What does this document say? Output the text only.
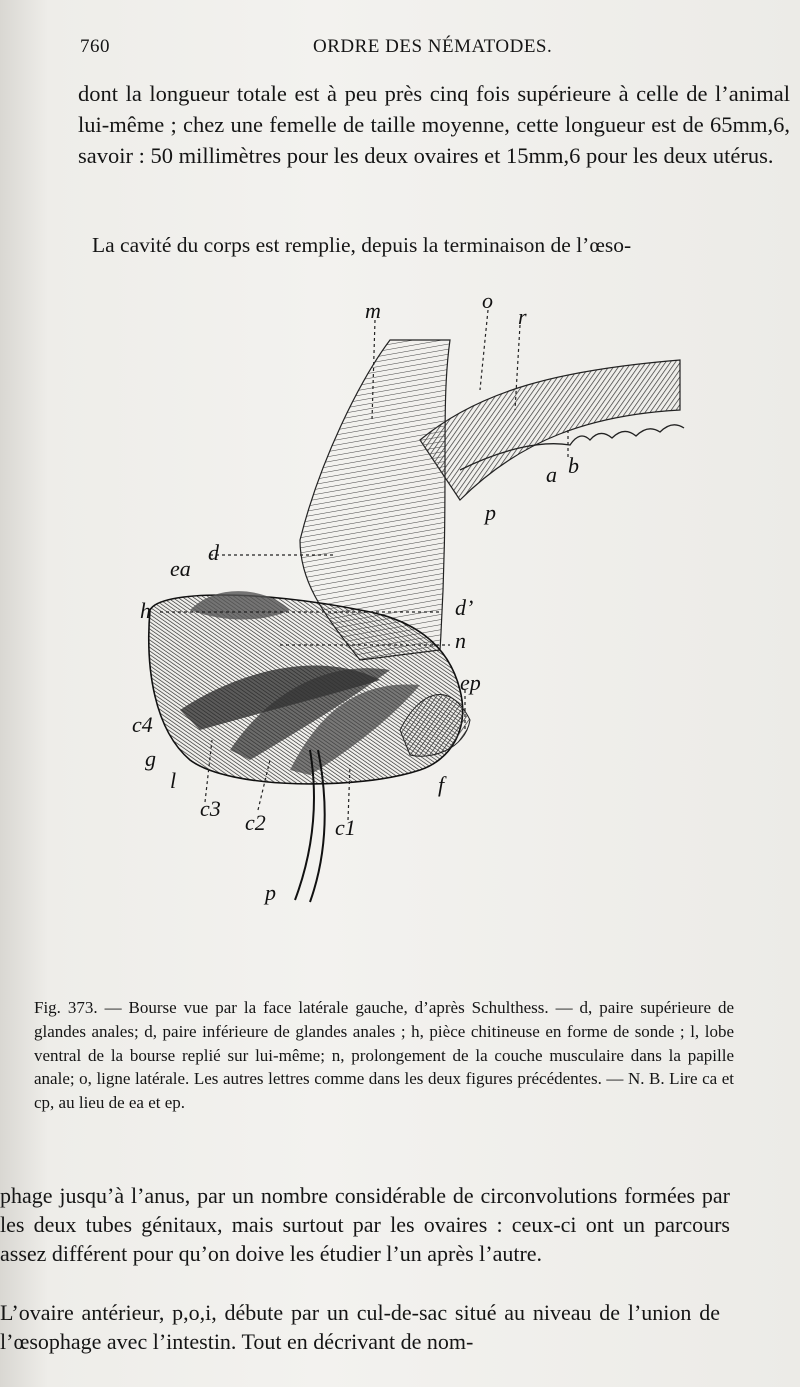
760	ORDRE DES NÉMATODES.

dont la longueur totale est à peu près cinq fois supérieure à celle de l’animal lui-même ; chez une femelle de taille moyenne, cette longueur est de 65mm,6, savoir : 50 millimètres pour les deux ovaires et 15mm,6 pour les deux utérus.

La cavité du corps est remplie, depuis la terminaison de l’œso-

m	o
r
a b
p
d
ea
h	d’
n
ep
c4
g
l
c3
c2	c1
f
p

Fig. 373. — Bourse vue par la face latérale gauche, d’après Schulthess. — d, paire supérieure de glandes anales; d, paire inférieure de glandes anales ; h, pièce chitineuse en forme de sonde ; l, lobe ventral de la bourse replié sur lui-même; n, prolongement de la couche musculaire dans la papille anale; o, ligne latérale. Les autres lettres comme dans les deux figures précédentes. — N. B. Lire ca et cp, au lieu de ea et ep.

phage jusqu’à l’anus, par un nombre considérable de circonvolutions formées par les deux tubes génitaux, mais surtout par les ovaires : ceux-ci ont un parcours assez différent pour qu’on doive les étudier l’un après l’autre.

L’ovaire antérieur, p,o,i, débute par un cul-de-sac situé au niveau de l’union de l’œsophage avec l’intestin. Tout en décrivant de nom-
